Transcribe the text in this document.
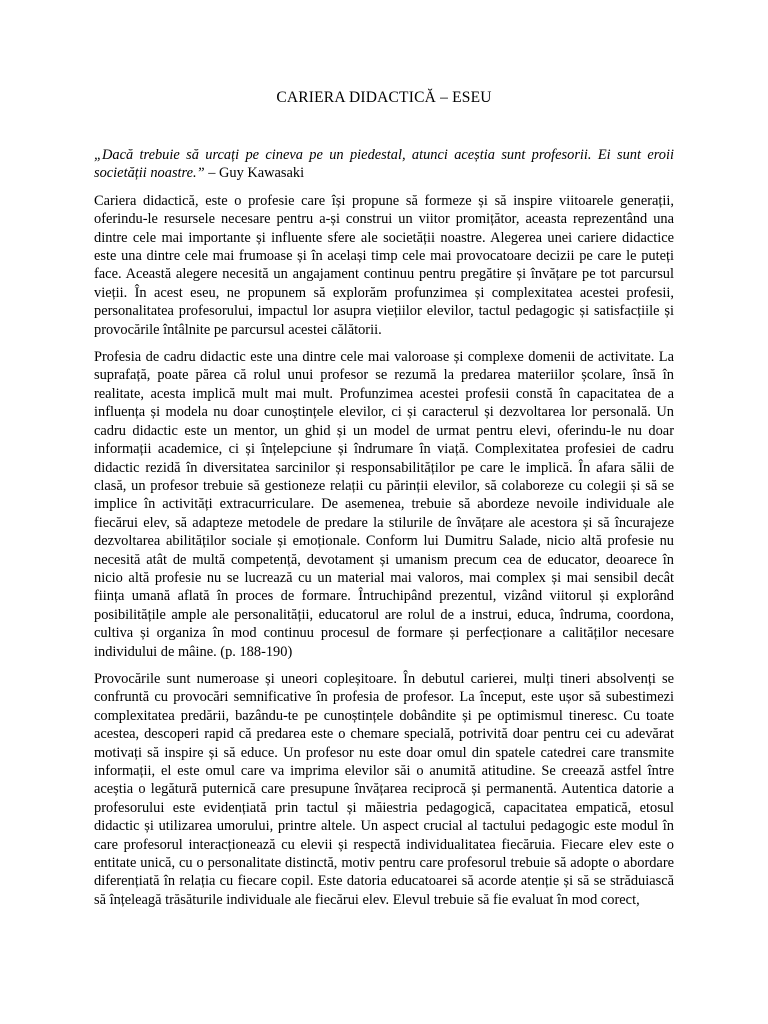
CARIERA DIDACTICĂ – ESEU

„Dacă trebuie să urcați pe cineva pe un piedestal, atunci aceștia sunt profesorii. Ei sunt eroii societății noastre.” – Guy Kawasaki

Cariera didactică, este o profesie care își propune să formeze și să inspire viitoarele generații, oferindu-le resursele necesare pentru a-și construi un viitor promițător, aceasta reprezentând una dintre cele mai importante și influente sfere ale societății noastre. Alegerea unei cariere didactice este una dintre cele mai frumoase și în același timp cele mai provocatoare decizii pe care le puteți face. Această alegere necesită un angajament continuu pentru pregătire și învățare pe tot parcursul vieții. În acest eseu, ne propunem să explorăm profunzimea și complexitatea acestei profesii, personalitatea profesorului, impactul lor asupra viețiilor elevilor, tactul pedagogic și satisfacțiile și provocările întâlnite pe parcursul acestei călătorii.

Profesia de cadru didactic este una dintre cele mai valoroase și complexe domenii de activitate. La suprafață, poate părea că rolul unui profesor se rezumă la predarea materiilor școlare, însă în realitate, acesta implică mult mai mult. Profunzimea acestei profesii constă în capacitatea de a influența și modela nu doar cunoștințele elevilor, ci și caracterul și dezvoltarea lor personală. Un cadru didactic este un mentor, un ghid și un model de urmat pentru elevi, oferindu-le nu doar informații academice, ci și înțelepciune și îndrumare în viață. Complexitatea profesiei de cadru didactic rezidă în diversitatea sarcinilor și responsabilităților pe care le implică. În afara sălii de clasă, un profesor trebuie să gestioneze relații cu părinții elevilor, să colaboreze cu colegii și să se implice în activități extracurriculare. De asemenea, trebuie să abordeze nevoile individuale ale fiecărui elev, să adapteze metodele de predare la stilurile de învățare ale acestora și să încurajeze dezvoltarea abilităților sociale și emoționale. Conform lui Dumitru Salade, nicio altă profesie nu necesită atât de multă competență, devotament și umanism precum cea de educator, deoarece în nicio altă profesie nu se lucrează cu un material mai valoros, mai complex și mai sensibil decât ființa umană aflată în proces de formare. Întruchipând prezentul, vizând viitorul și explorând posibilitățile ample ale personalității, educatorul are rolul de a instrui, educa, îndruma, coordona, cultiva și organiza în mod continuu procesul de formare și perfecționare a calităților necesare individului de mâine. (p. 188-190)

Provocările sunt numeroase și uneori copleșitoare. În debutul carierei, mulți tineri absolvenți se confruntă cu provocări semnificative în profesia de profesor. La început, este ușor să subestimezi complexitatea predării, bazându-te pe cunoștințele dobândite și pe optimismul tineresc. Cu toate acestea, descoperi rapid că predarea este o chemare specială, potrivită doar pentru cei cu adevărat motivați să inspire și să educe. Un profesor nu este doar omul din spatele catedrei care transmite informații, el este omul care va imprima elevilor săi o anumită atitudine. Se creează astfel între aceștia o legătură puternică care presupune învățarea reciprocă și permanentă. Autentica datorie a profesorului este evidențiată prin tactul și măiestria pedagogică, capacitatea empatică, etosul didactic și utilizarea umorului, printre altele. Un aspect crucial al tactului pedagogic este modul în care profesorul interacționează cu elevii și respectă individualitatea fiecăruia. Fiecare elev este o entitate unică, cu o personalitate distinctă, motiv pentru care profesorul trebuie să adopte o abordare diferențiată în relația cu fiecare copil. Este datoria educatoarei să acorde atenție și să se străduiască să înțeleagă trăsăturile individuale ale fiecărui elev. Elevul trebuie să fie evaluat în mod corect,
